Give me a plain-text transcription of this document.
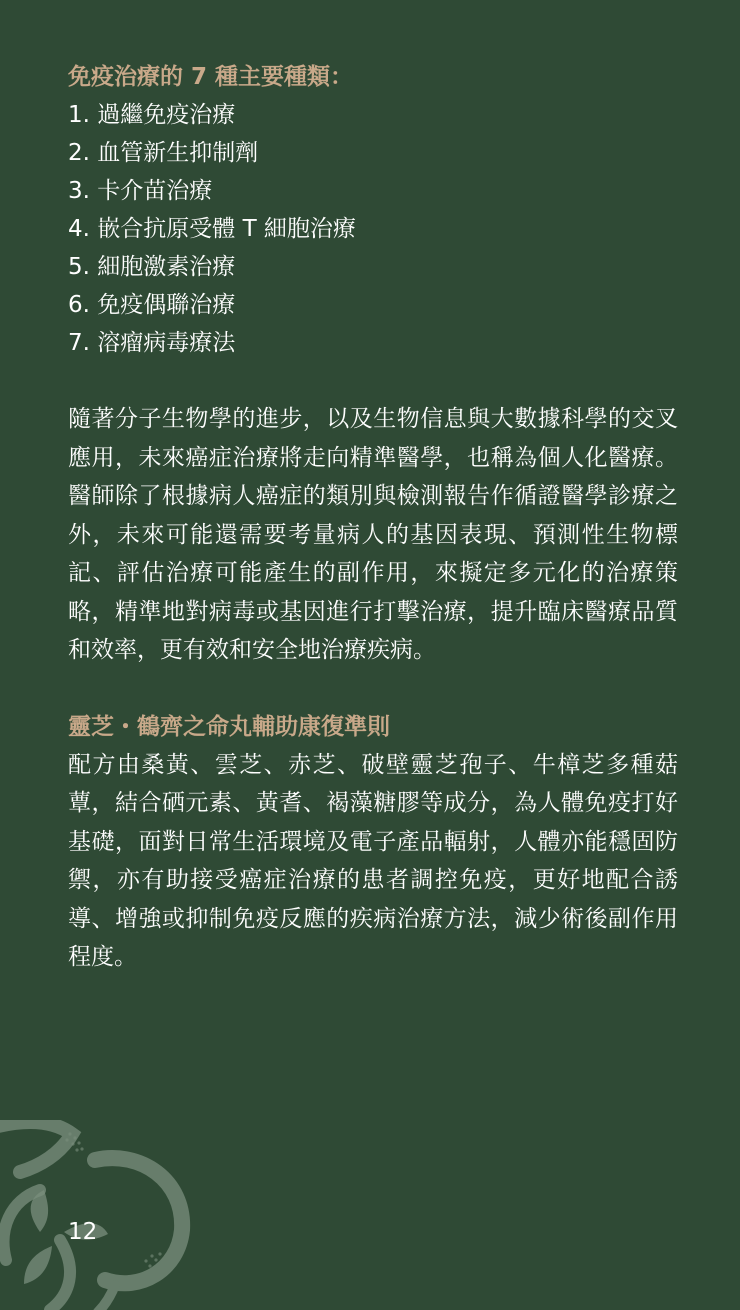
免疫治療的 7 種主要種類：
1. 過繼免疫治療
2. 血管新生抑制劑
3. 卡介苗治療
4. 嵌合抗原受體 T 細胞治療
5. 細胞激素治療
6. 免疫偶聯治療
7. 溶瘤病毒療法

隨著分子生物學的進步，以及生物信息與大數據科學的交叉應用，未來癌症治療將走向精準醫學，也稱為個人化醫療。醫師除了根據病人癌症的類別與檢測報告作循證醫學診療之外，未來可能還需要考量病人的基因表現、預測性生物標記、評估治療可能產生的副作用，來擬定多元化的治療策略，精準地對病毒或基因進行打擊治療，提升臨床醫療品質和效率，更有效和安全地治療疾病。

靈芝・鶴齊之命丸輔助康復準則

配方由桑黃、雲芝、赤芝、破壁靈芝孢子、牛樟芝多種菇蕈，結合硒元素、黃耆、褐藻糖膠等成分，為人體免疫打好基礎，面對日常生活環境及電子產品輻射，人體亦能穩固防禦，亦有助接受癌症治療的患者調控免疫，更好地配合誘導、增強或抑制免疫反應的疾病治療方法，減少術後副作用程度。

12
